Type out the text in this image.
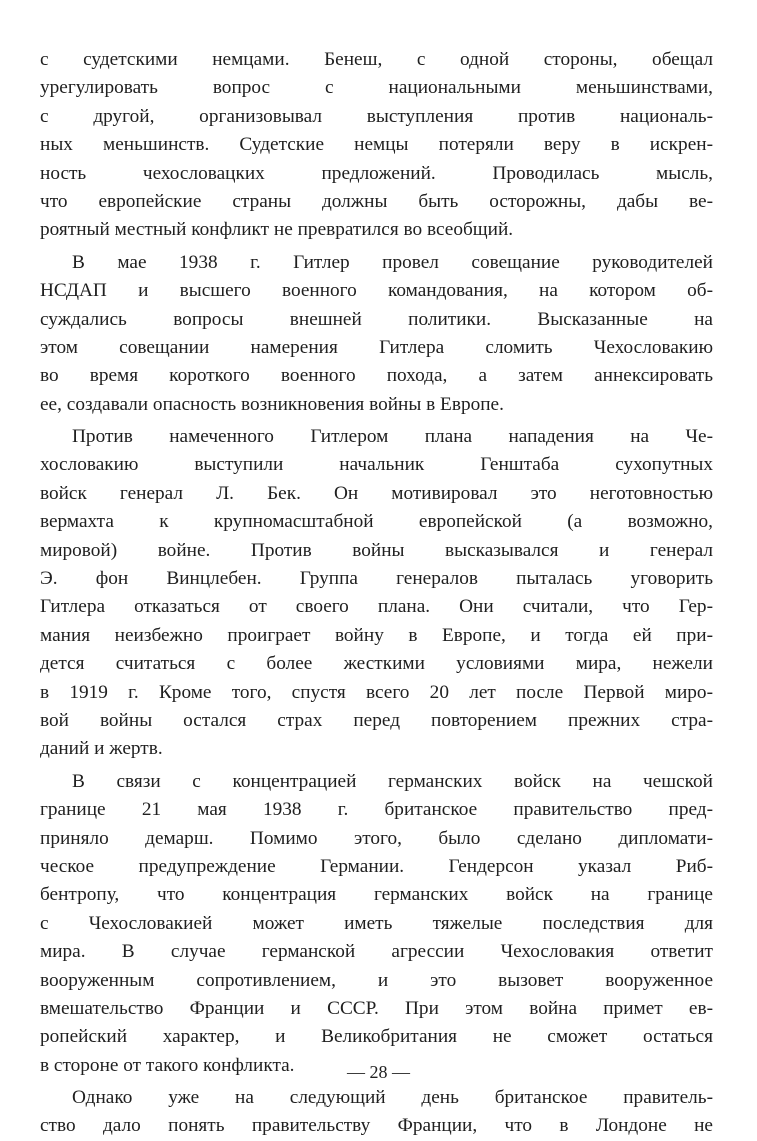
с судетскими немцами. Бенеш, с одной стороны, обещал
урегулировать вопрос с национальными меньшинствами,
с другой, организовывал выступления против националь-
ных меньшинств. Судетские немцы потеряли веру в искрен-
ность чехословацких предложений. Проводилась мысль,
что европейские страны должны быть осторожны, дабы ве-
роятный местный конфликт не превратился во всеобщий.
В мае 1938 г. Гитлер провел совещание руководителей
НСДАП и высшего военного командования, на котором об-
суждались вопросы внешней политики. Высказанные на
этом совещании намерения Гитлера сломить Чехословакию
во время короткого военного похода, а затем аннексировать
ее, создавали опасность возникновения войны в Европе.
Против намеченного Гитлером плана нападения на Че-
хословакию выступили начальник Генштаба сухопутных
войск генерал Л. Бек. Он мотивировал это неготовностью
вермахта к крупномасштабной европейской (а возможно,
мировой) войне. Против войны высказывался и генерал
Э. фон Винцлебен. Группа генералов пыталась уговорить
Гитлера отказаться от своего плана. Они считали, что Гер-
мания неизбежно проиграет войну в Европе, и тогда ей при-
дется считаться с более жесткими условиями мира, нежели
в 1919 г. Кроме того, спустя всего 20 лет после Первой миро-
вой войны остался страх перед повторением прежних стра-
даний и жертв.
В связи с концентрацией германских войск на чешской
границе 21 мая 1938 г. британское правительство пред-
приняло демарш. Помимо этого, было сделано дипломати-
ческое предупреждение Германии. Гендерсон указал Риб-
бентропу, что концентрация германских войск на границе
с Чехословакией может иметь тяжелые последствия для
мира. В случае германской агрессии Чехословакия ответит
вооруженным сопротивлением, и это вызовет вооруженное
вмешательство Франции и СССР. При этом война примет ев-
ропейский характер, и Великобритания не сможет остаться
в стороне от такого конфликта.
Однако уже на следующий день британское правитель-
ство дало понять правительству Франции, что в Лондоне не
— 28 —
